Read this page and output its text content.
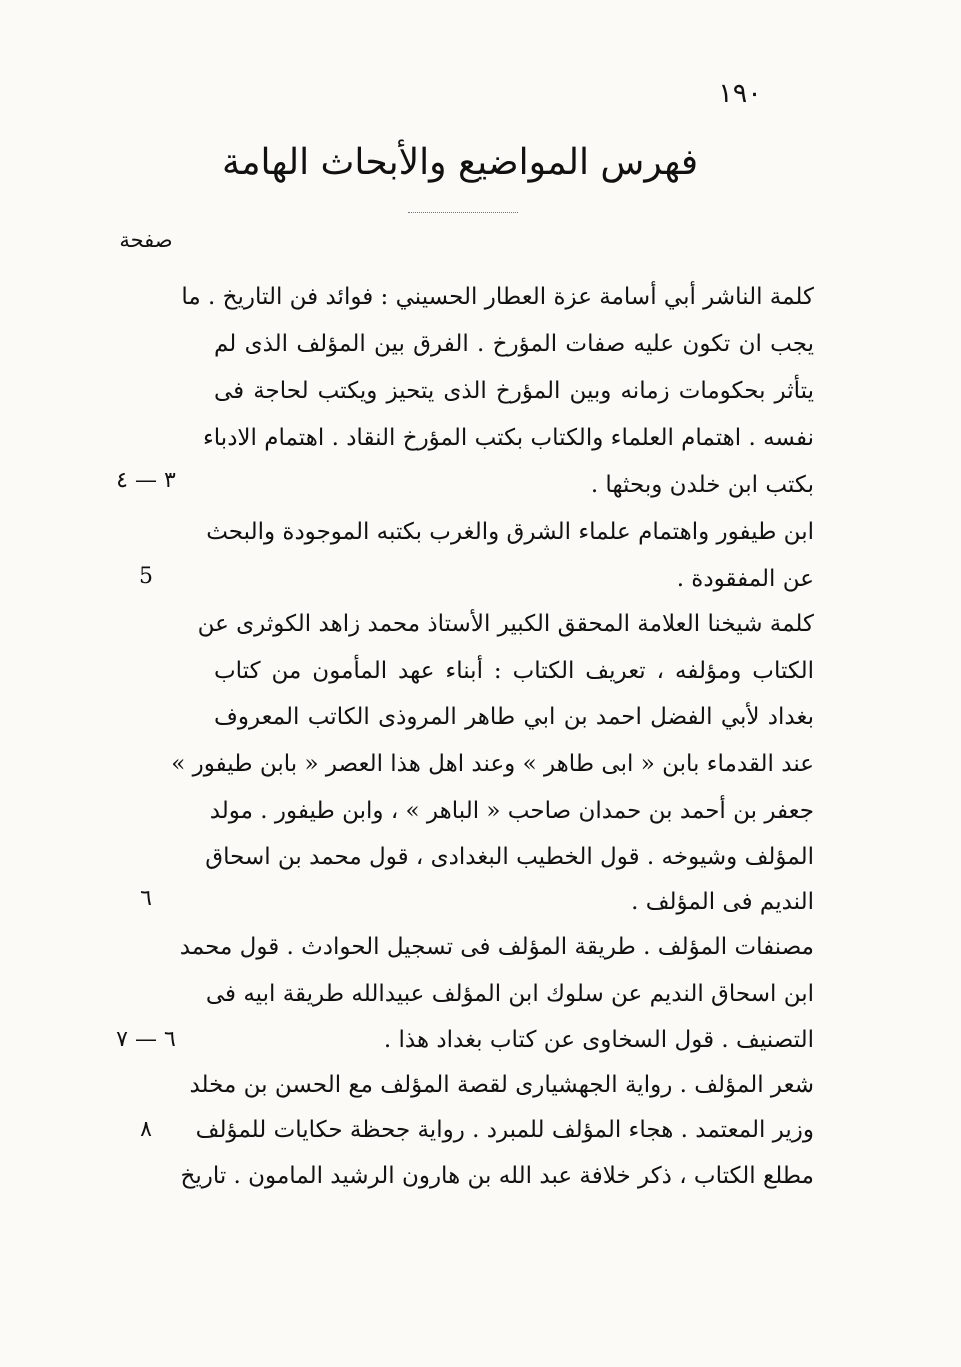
١٩٠
فهرس المواضيع والأبحاث الهامة
صفحة
كلمة الناشر أبي أسامة عزة العطار الحسيني : فوائد فن التاريخ . ما
يجب ان تكون عليه صفات المؤرخ . الفرق بين المؤلف الذى لم
يتأثر بحكومات زمانه وبين المؤرخ الذى يتحيز ويكتب لحاجة فى
نفسه . اهتمام العلماء والكتاب بكتب المؤرخ النقاد . اهتمام الادباء
بكتب ابن خلدن وبحثها .
٣ — ٤
ابن طيفور واهتمام علماء الشرق والغرب بكتبه الموجودة والبحث
عن المفقودة .
5
كلمة شيخنا العلامة المحقق الكبير الأستاذ محمد زاهد الكوثرى عن
الكتاب ومؤلفه ، تعريف الكتاب : أبناء عهد المأمون من كتاب
بغداد لأبي الفضل احمد بن ابي طاهر المروذى الكاتب المعروف
عند القدماء بابن « ابى طاهر » وعند اهل هذا العصر « بابن طيفور »
جعفر بن أحمد بن حمدان صاحب « الباهر » ، وابن طيفور . مولد
المؤلف وشيوخه . قول الخطيب البغدادى ، قول محمد بن اسحاق
النديم فى المؤلف .
٦
مصنفات المؤلف . طريقة المؤلف فى تسجيل الحوادث . قول محمد
ابن اسحاق النديم عن سلوك ابن المؤلف عبيدالله طريقة ابيه فى
التصنيف . قول السخاوى عن كتاب بغداد هذا .
٦ — ٧
شعر المؤلف . رواية الجهشيارى لقصة المؤلف مع الحسن بن مخلد
وزير المعتمد . هجاء المؤلف للمبرد . رواية جحظة حكايات للمؤلف
٨
مطلع الكتاب ، ذكر خلافة عبد الله بن هارون الرشيد المامون . تاريخ
